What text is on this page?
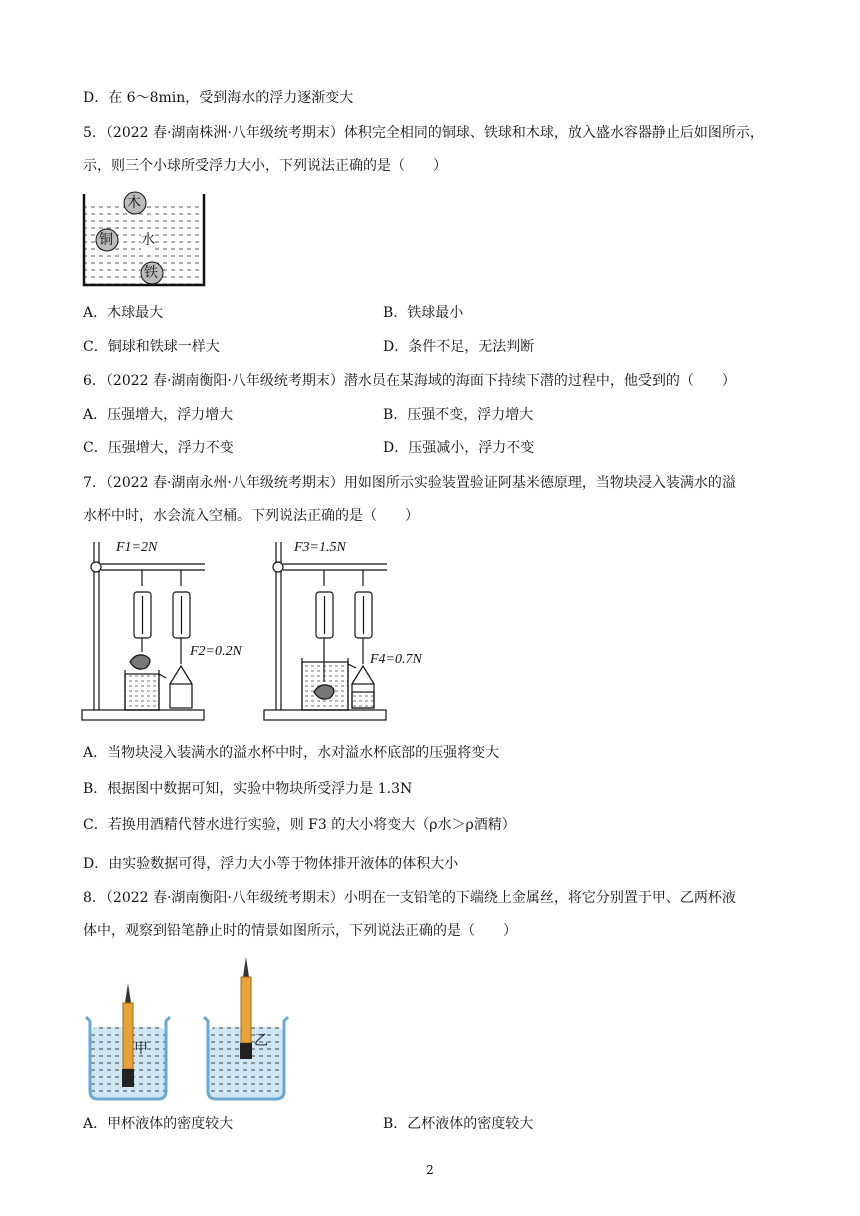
D．在 6～8min，受到海水的浮力逐渐变大
5．（2022 春·湖南株洲·八年级统考期末）体积完全相同的铜球、铁球和木球，放入盛水容器静止后如图所示，
示，则三个小球所受浮力大小，下列说法正确的是（　　）
木
铜 水
铁
A．木球最大	B．铁球最小
C．铜球和铁球一样大	D．条件不足，无法判断
6．（2022 春·湖南衡阳·八年级统考期末）潜水员在某海域的海面下持续下潜的过程中，他受到的（　　）
A．压强增大，浮力增大	B．压强不变，浮力增大
C．压强增大，浮力不变	D．压强减小，浮力不变
7．（2022 春·湖南永州·八年级统考期末）用如图所示实验装置验证阿基米德原理，当物块浸入装满水的溢
水杯中时，水会流入空桶。下列说法正确的是（　　）
F1=2N
F2=0.2N
F3=1.5N
F4=0.7N
A．当物块浸入装满水的溢水杯中时，水对溢水杯底部的压强将变大
B．根据图中数据可知，实验中物块所受浮力是 1.3N
C．若换用酒精代替水进行实验，则 F3 的大小将变大（ρ水＞ρ酒精）
D．由实验数据可得，浮力大小等于物体排开液体的体积大小
8．（2022 春·湖南衡阳·八年级统考期末）小明在一支铅笔的下端绕上金属丝，将它分别置于甲、乙两杯液
体中，观察到铅笔静止时的情景如图所示，下列说法正确的是（　　）
甲	乙
A．甲杯液体的密度较大	B．乙杯液体的密度较大
2
